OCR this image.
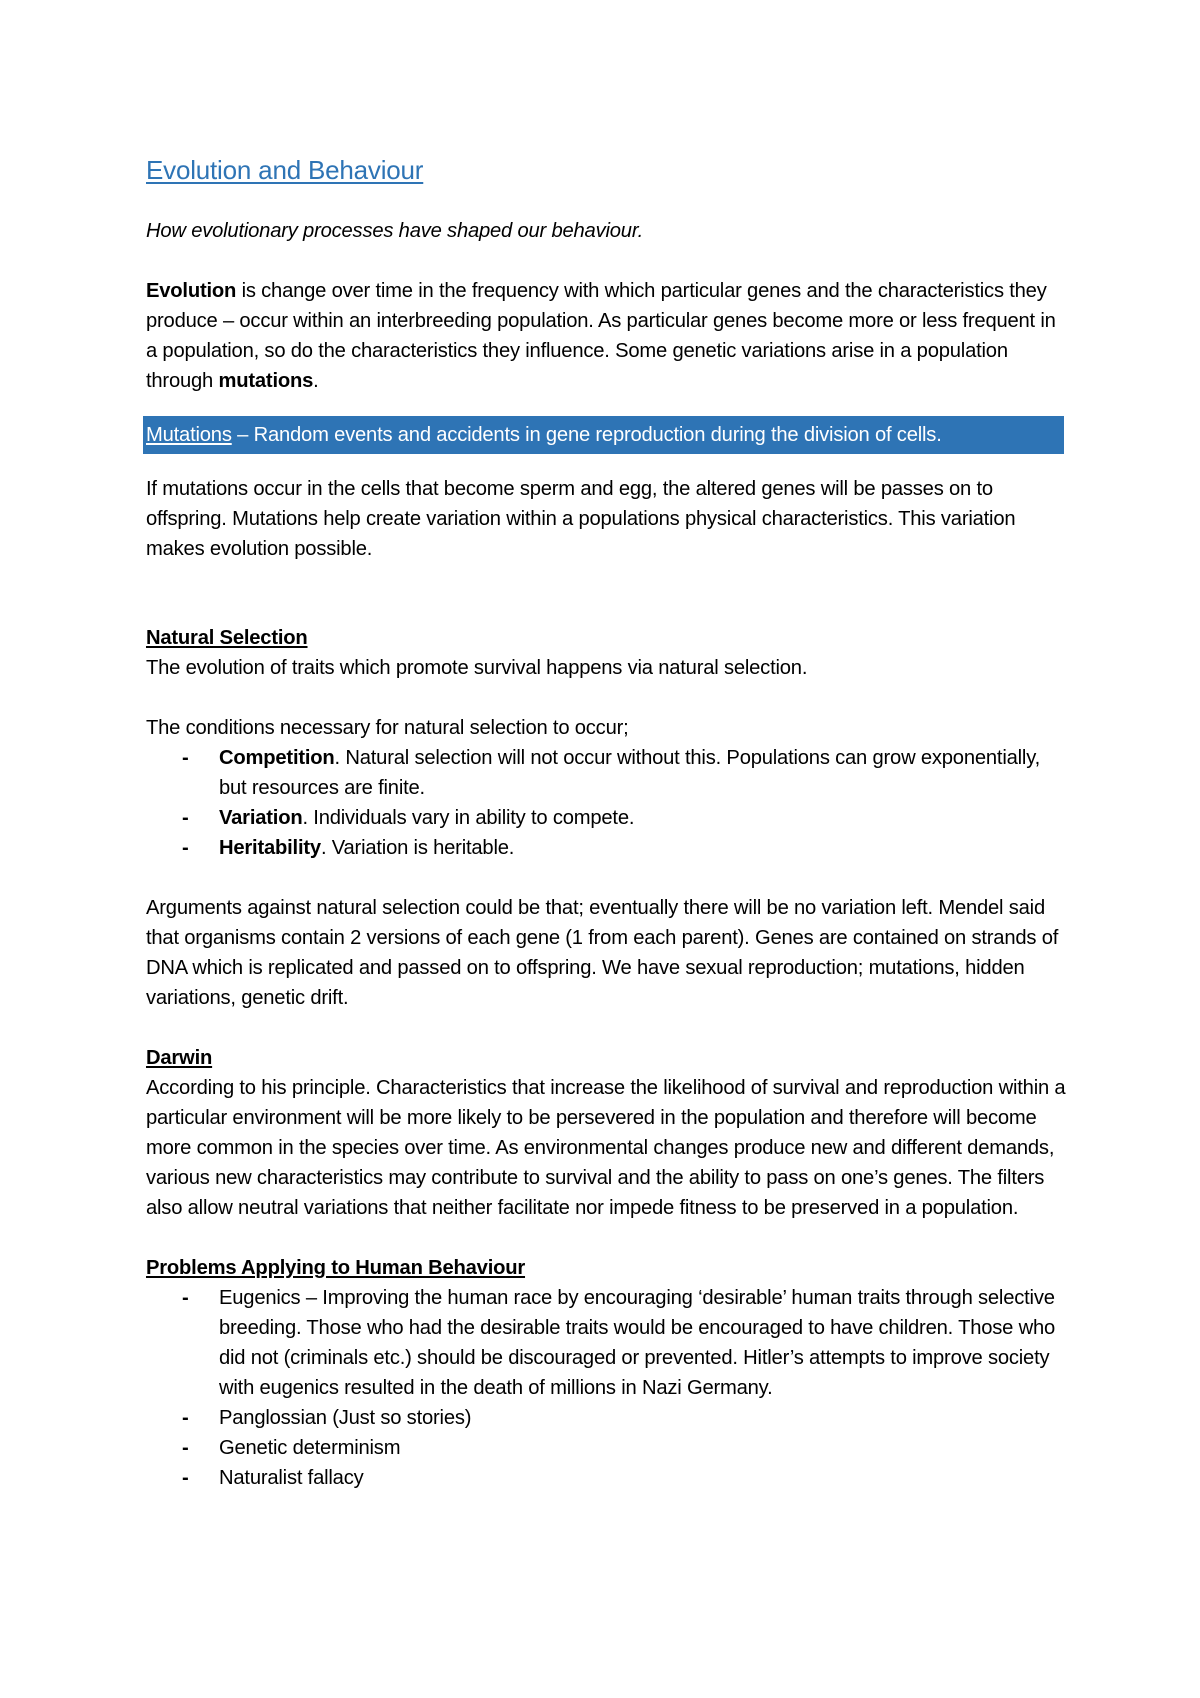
Evolution and Behaviour

How evolutionary processes have shaped our behaviour.

Evolution is change over time in the frequency with which particular genes and the characteristics they produce – occur within an interbreeding population. As particular genes become more or less frequent in a population, so do the characteristics they influence. Some genetic variations arise in a population through mutations.

Mutations – Random events and accidents in gene reproduction during the division of cells.

If mutations occur in the cells that become sperm and egg, the altered genes will be passes on to offspring. Mutations help create variation within a populations physical characteristics. This variation makes evolution possible.

Natural Selection

The evolution of traits which promote survival happens via natural selection.

The conditions necessary for natural selection to occur;

- Competition. Natural selection will not occur without this. Populations can grow exponentially, but resources are finite.
- Variation. Individuals vary in ability to compete.
- Heritability. Variation is heritable.

Arguments against natural selection could be that; eventually there will be no variation left. Mendel said that organisms contain 2 versions of each gene (1 from each parent). Genes are contained on strands of DNA which is replicated and passed on to offspring. We have sexual reproduction; mutations, hidden variations, genetic drift.

Darwin

According to his principle. Characteristics that increase the likelihood of survival and reproduction within a particular environment will be more likely to be persevered in the population and therefore will become more common in the species over time. As environmental changes produce new and different demands, various new characteristics may contribute to survival and the ability to pass on one’s genes. The filters also allow neutral variations that neither facilitate nor impede fitness to be preserved in a population.

Problems Applying to Human Behaviour

- Eugenics – Improving the human race by encouraging ‘desirable’ human traits through selective breeding. Those who had the desirable traits would be encouraged to have children. Those who did not (criminals etc.) should be discouraged or prevented. Hitler’s attempts to improve society with eugenics resulted in the death of millions in Nazi Germany.
- Panglossian (Just so stories)
- Genetic determinism
- Naturalist fallacy
